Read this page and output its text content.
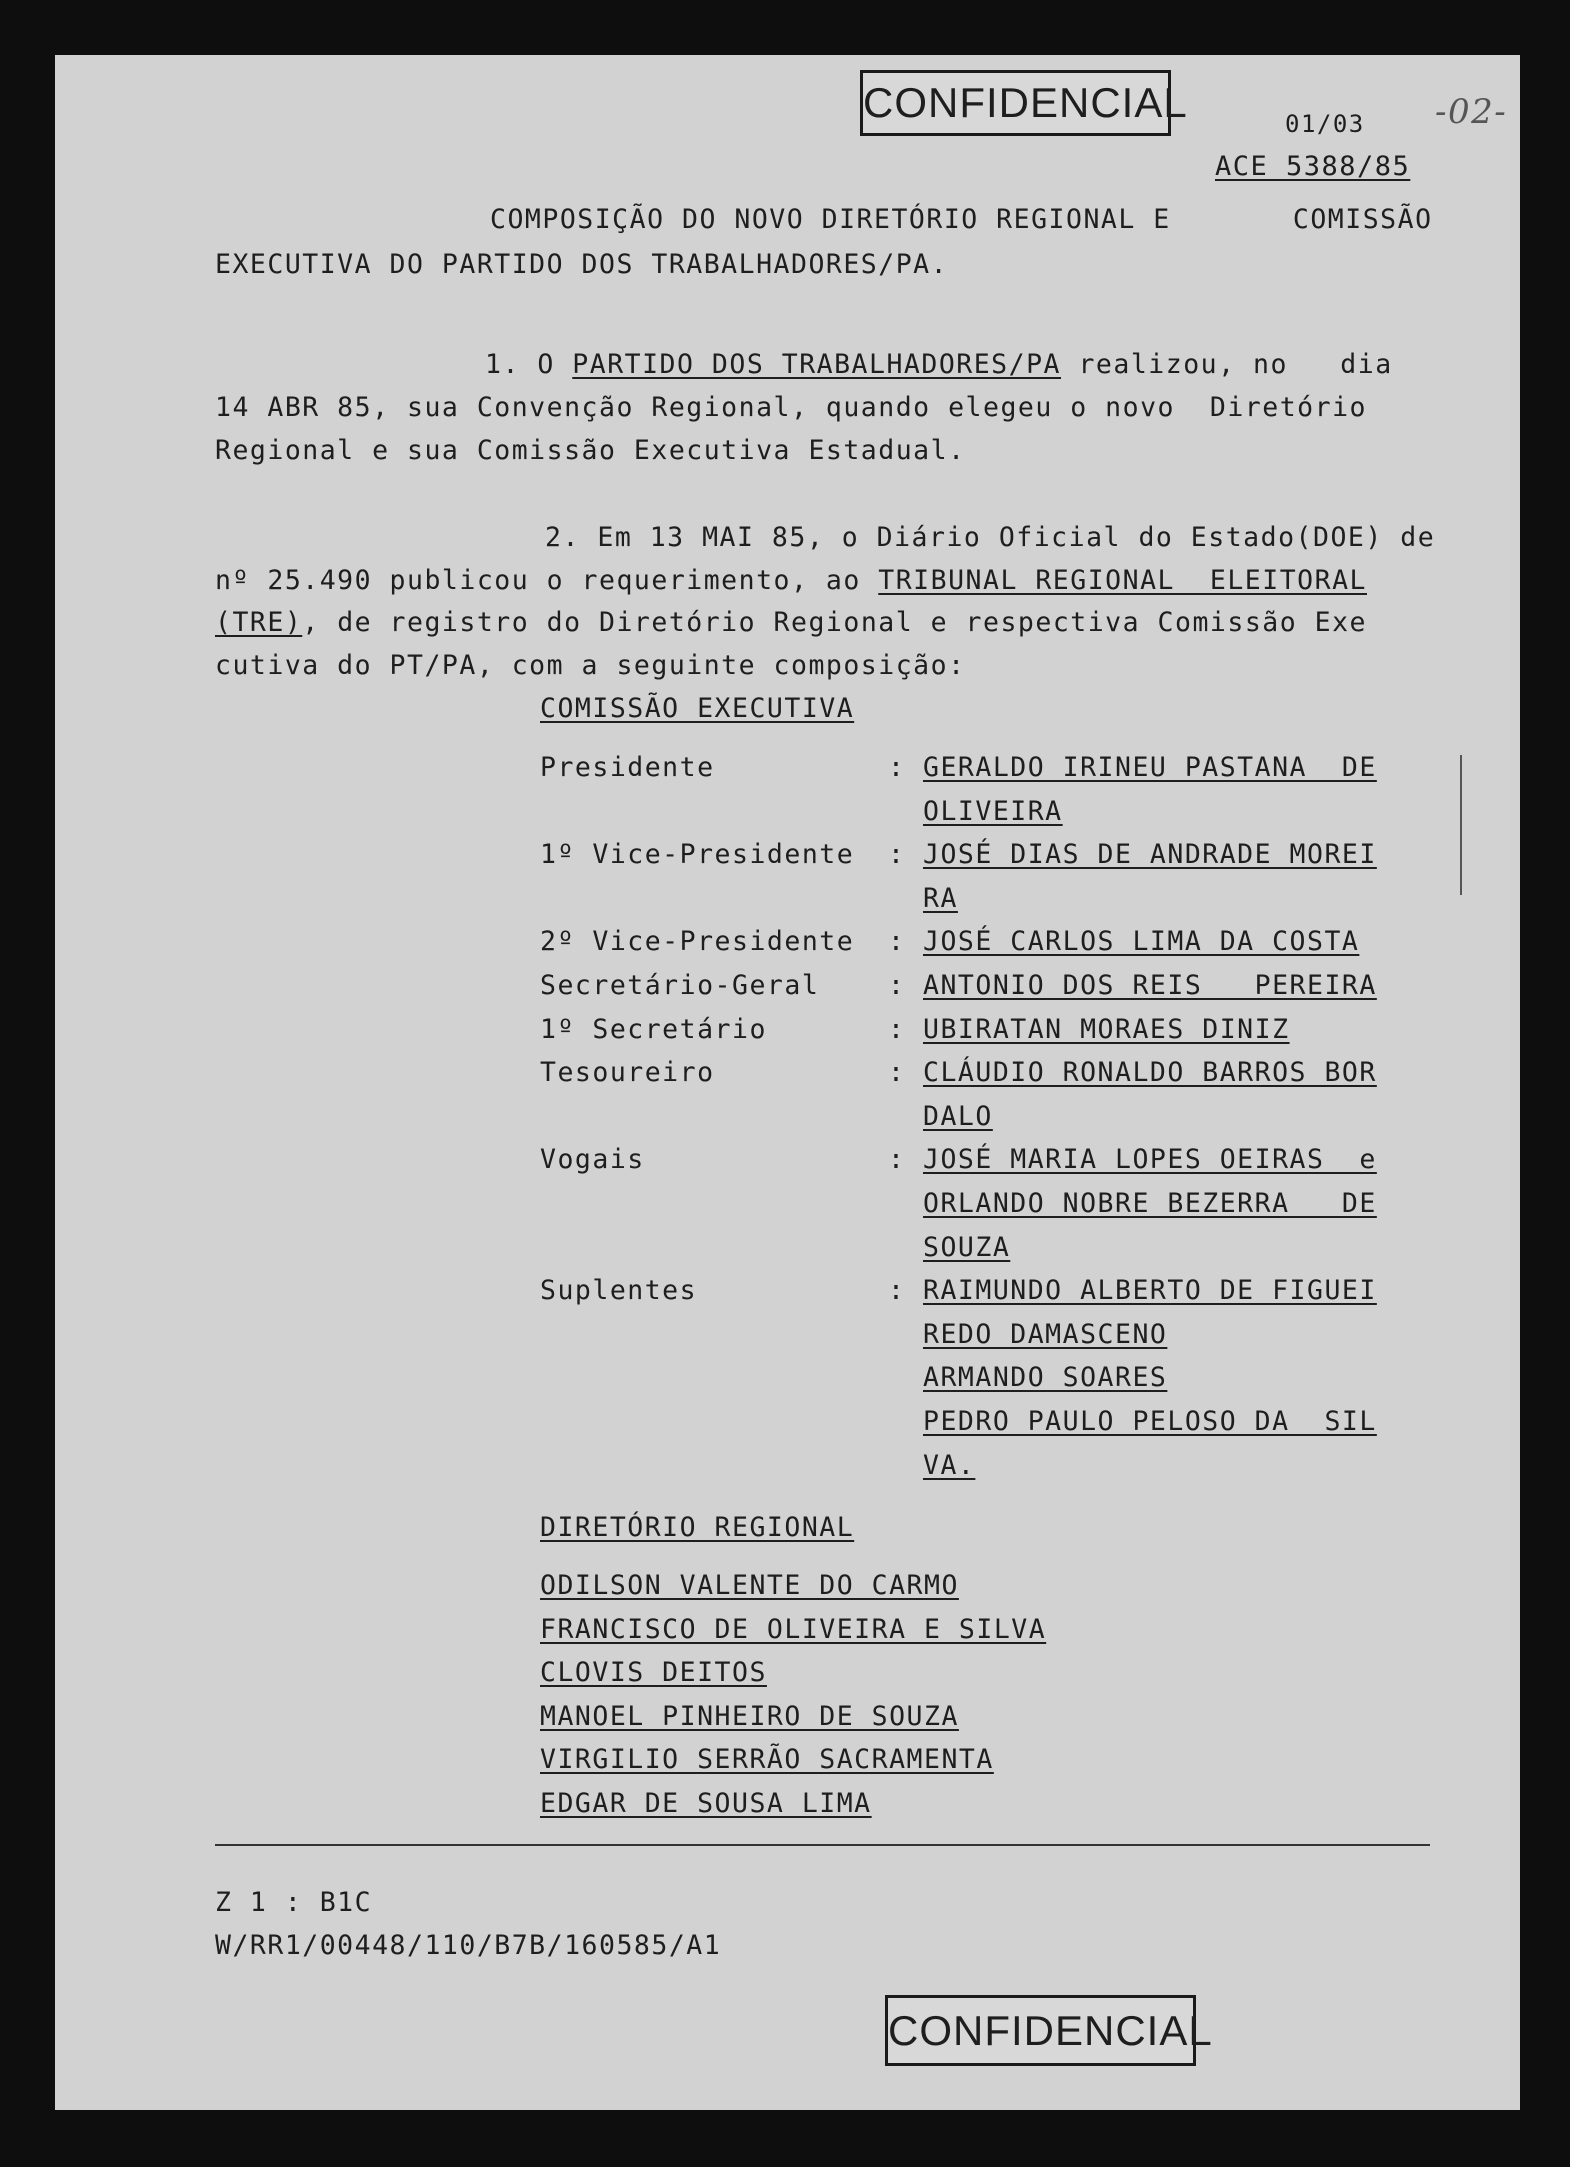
CONFIDENCIAL	-02-
01/03
ACE 5388/85
COMPOSIÇÃO DO NOVO DIRETÓRIO REGIONAL E       COMISSÃO
EXECUTIVA DO PARTIDO DOS TRABALHADORES/PA.
1. O PARTIDO DOS TRABALHADORES/PA realizou, no   dia
14 ABR 85, sua Convenção Regional, quando elegeu o novo  Diretório
Regional e sua Comissão Executiva Estadual.
2. Em 13 MAI 85, o Diário Oficial do Estado(DOE) de
nº 25.490 publicou o requerimento, ao TRIBUNAL REGIONAL  ELEITORAL
(TRE), de registro do Diretório Regional e respectiva Comissão Exe
cutiva do PT/PA, com a seguinte composição:
COMISSÃO EXECUTIVA
Presidente	: GERALDO IRINEU PASTANA  DE
OLIVEIRA
1º Vice-Presidente : JOSÉ DIAS DE ANDRADE MOREI
RA
2º Vice-Presidente : JOSÉ CARLOS LIMA DA COSTA
Secretário-Geral	: ANTONIO DOS REIS   PEREIRA
1º Secretário	: UBIRATAN MORAES DINIZ
Tesoureiro	: CLÁUDIO RONALDO BARROS BOR
DALO
Vogais	: JOSÉ MARIA LOPES OEIRAS  e
ORLANDO NOBRE BEZERRA   DE
SOUZA
Suplentes	: RAIMUNDO ALBERTO DE FIGUEI
REDO DAMASCENO
ARMANDO SOARES
PEDRO PAULO PELOSO DA  SIL
VA.
DIRETÓRIO REGIONAL
ODILSON VALENTE DO CARMO
FRANCISCO DE OLIVEIRA E SILVA
CLOVIS DEITOS
MANOEL PINHEIRO DE SOUZA
VIRGILIO SERRÃO SACRAMENTA
EDGAR DE SOUSA LIMA
Z 1 : B1C
W/RR1/00448/110/B7B/160585/A1
CONFIDENCIAL
